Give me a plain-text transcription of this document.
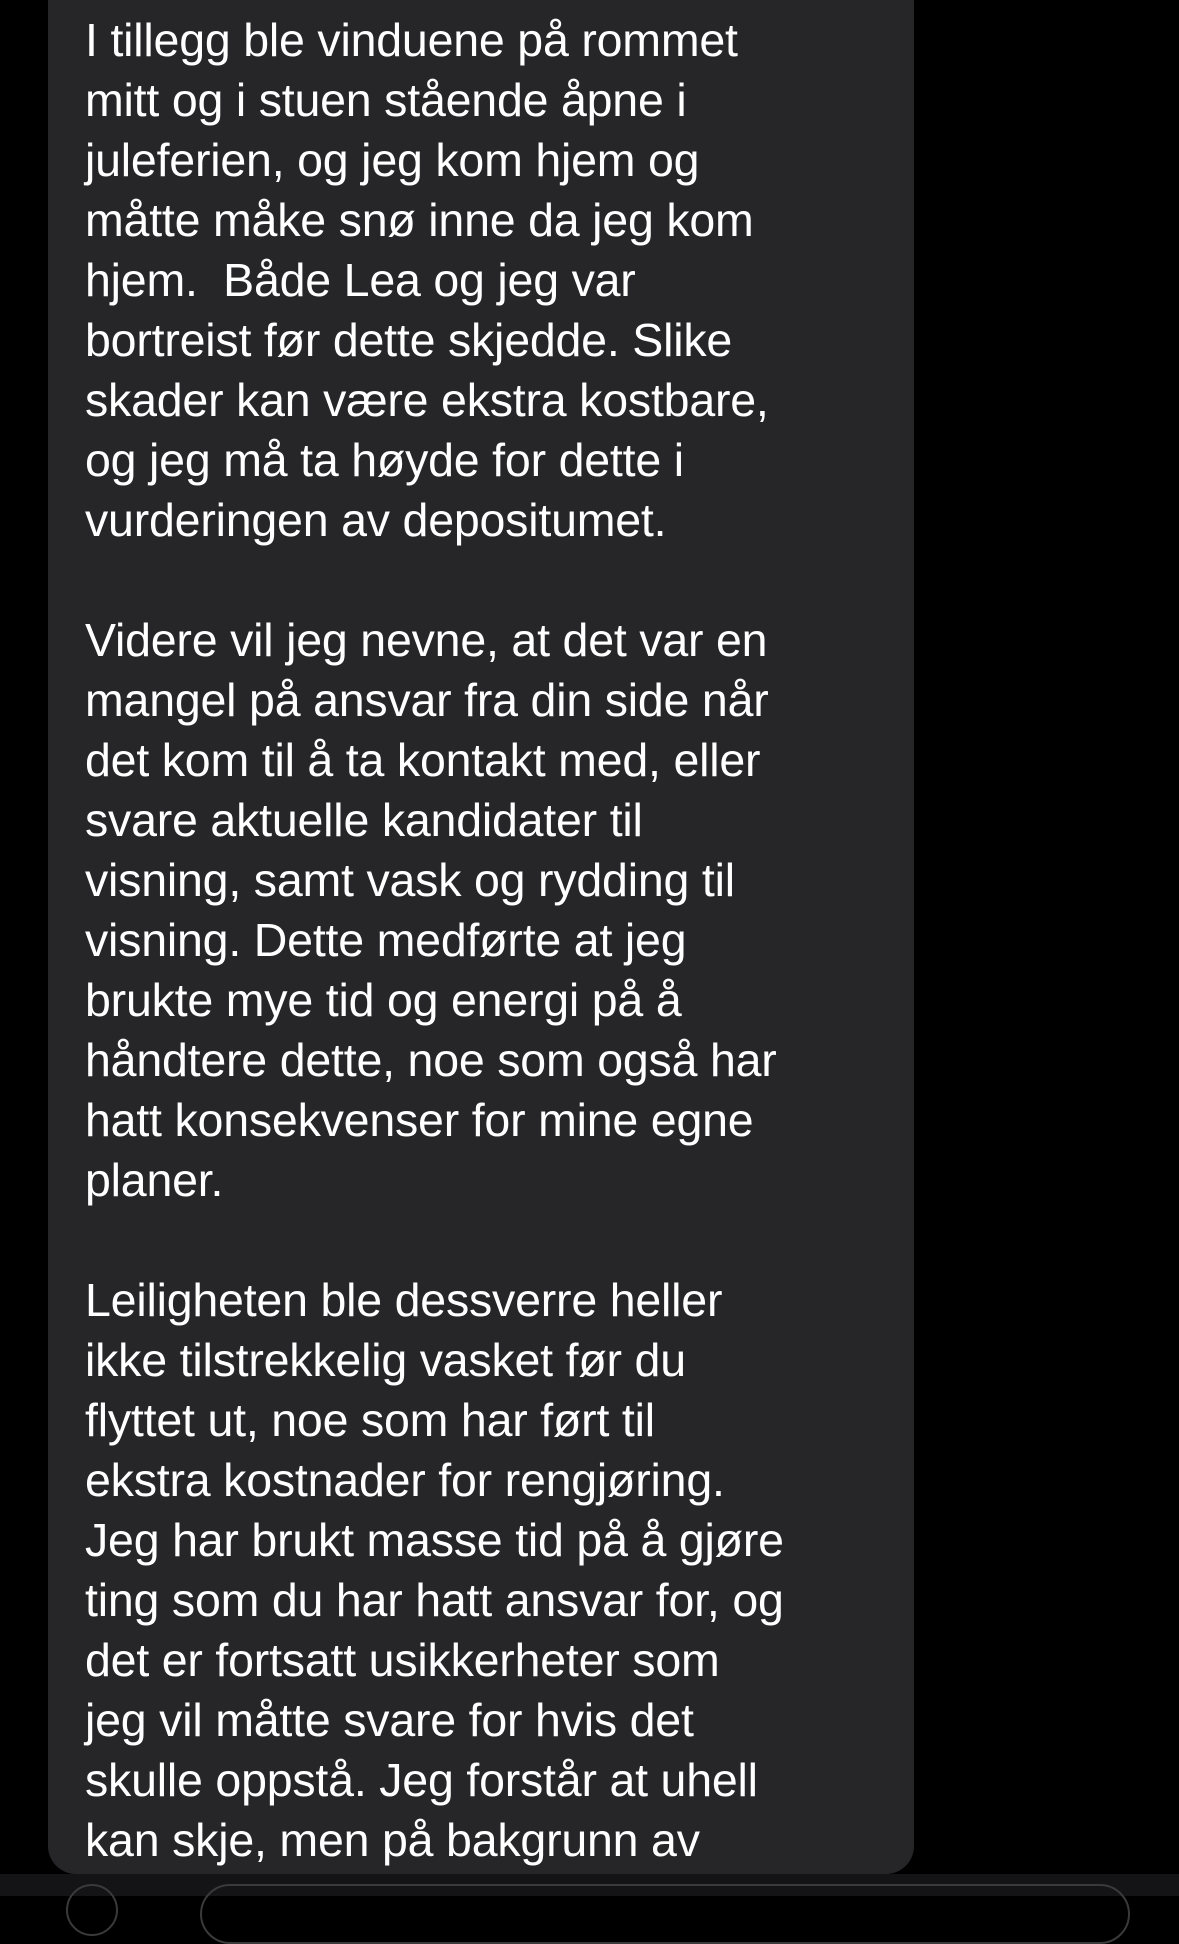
I tillegg ble vinduene på rommet
mitt og i stuen stående åpne i
juleferien, og jeg kom hjem og
måtte måke snø inne da jeg kom
hjem.  Både Lea og jeg var
bortreist før dette skjedde. Slike
skader kan være ekstra kostbare,
og jeg må ta høyde for dette i
vurderingen av depositumet.

Videre vil jeg nevne, at det var en
mangel på ansvar fra din side når
det kom til å ta kontakt med, eller
svare aktuelle kandidater til
visning, samt vask og rydding til
visning. Dette medførte at jeg
brukte mye tid og energi på å
håndtere dette, noe som også har
hatt konsekvenser for mine egne
planer.

Leiligheten ble dessverre heller
ikke tilstrekkelig vasket før du
flyttet ut, noe som har ført til
ekstra kostnader for rengjøring.
Jeg har brukt masse tid på å gjøre
ting som du har hatt ansvar for, og
det er fortsatt usikkerheter som
jeg vil måtte svare for hvis det
skulle oppstå. Jeg forstår at uhell
kan skje, men på bakgrunn av
